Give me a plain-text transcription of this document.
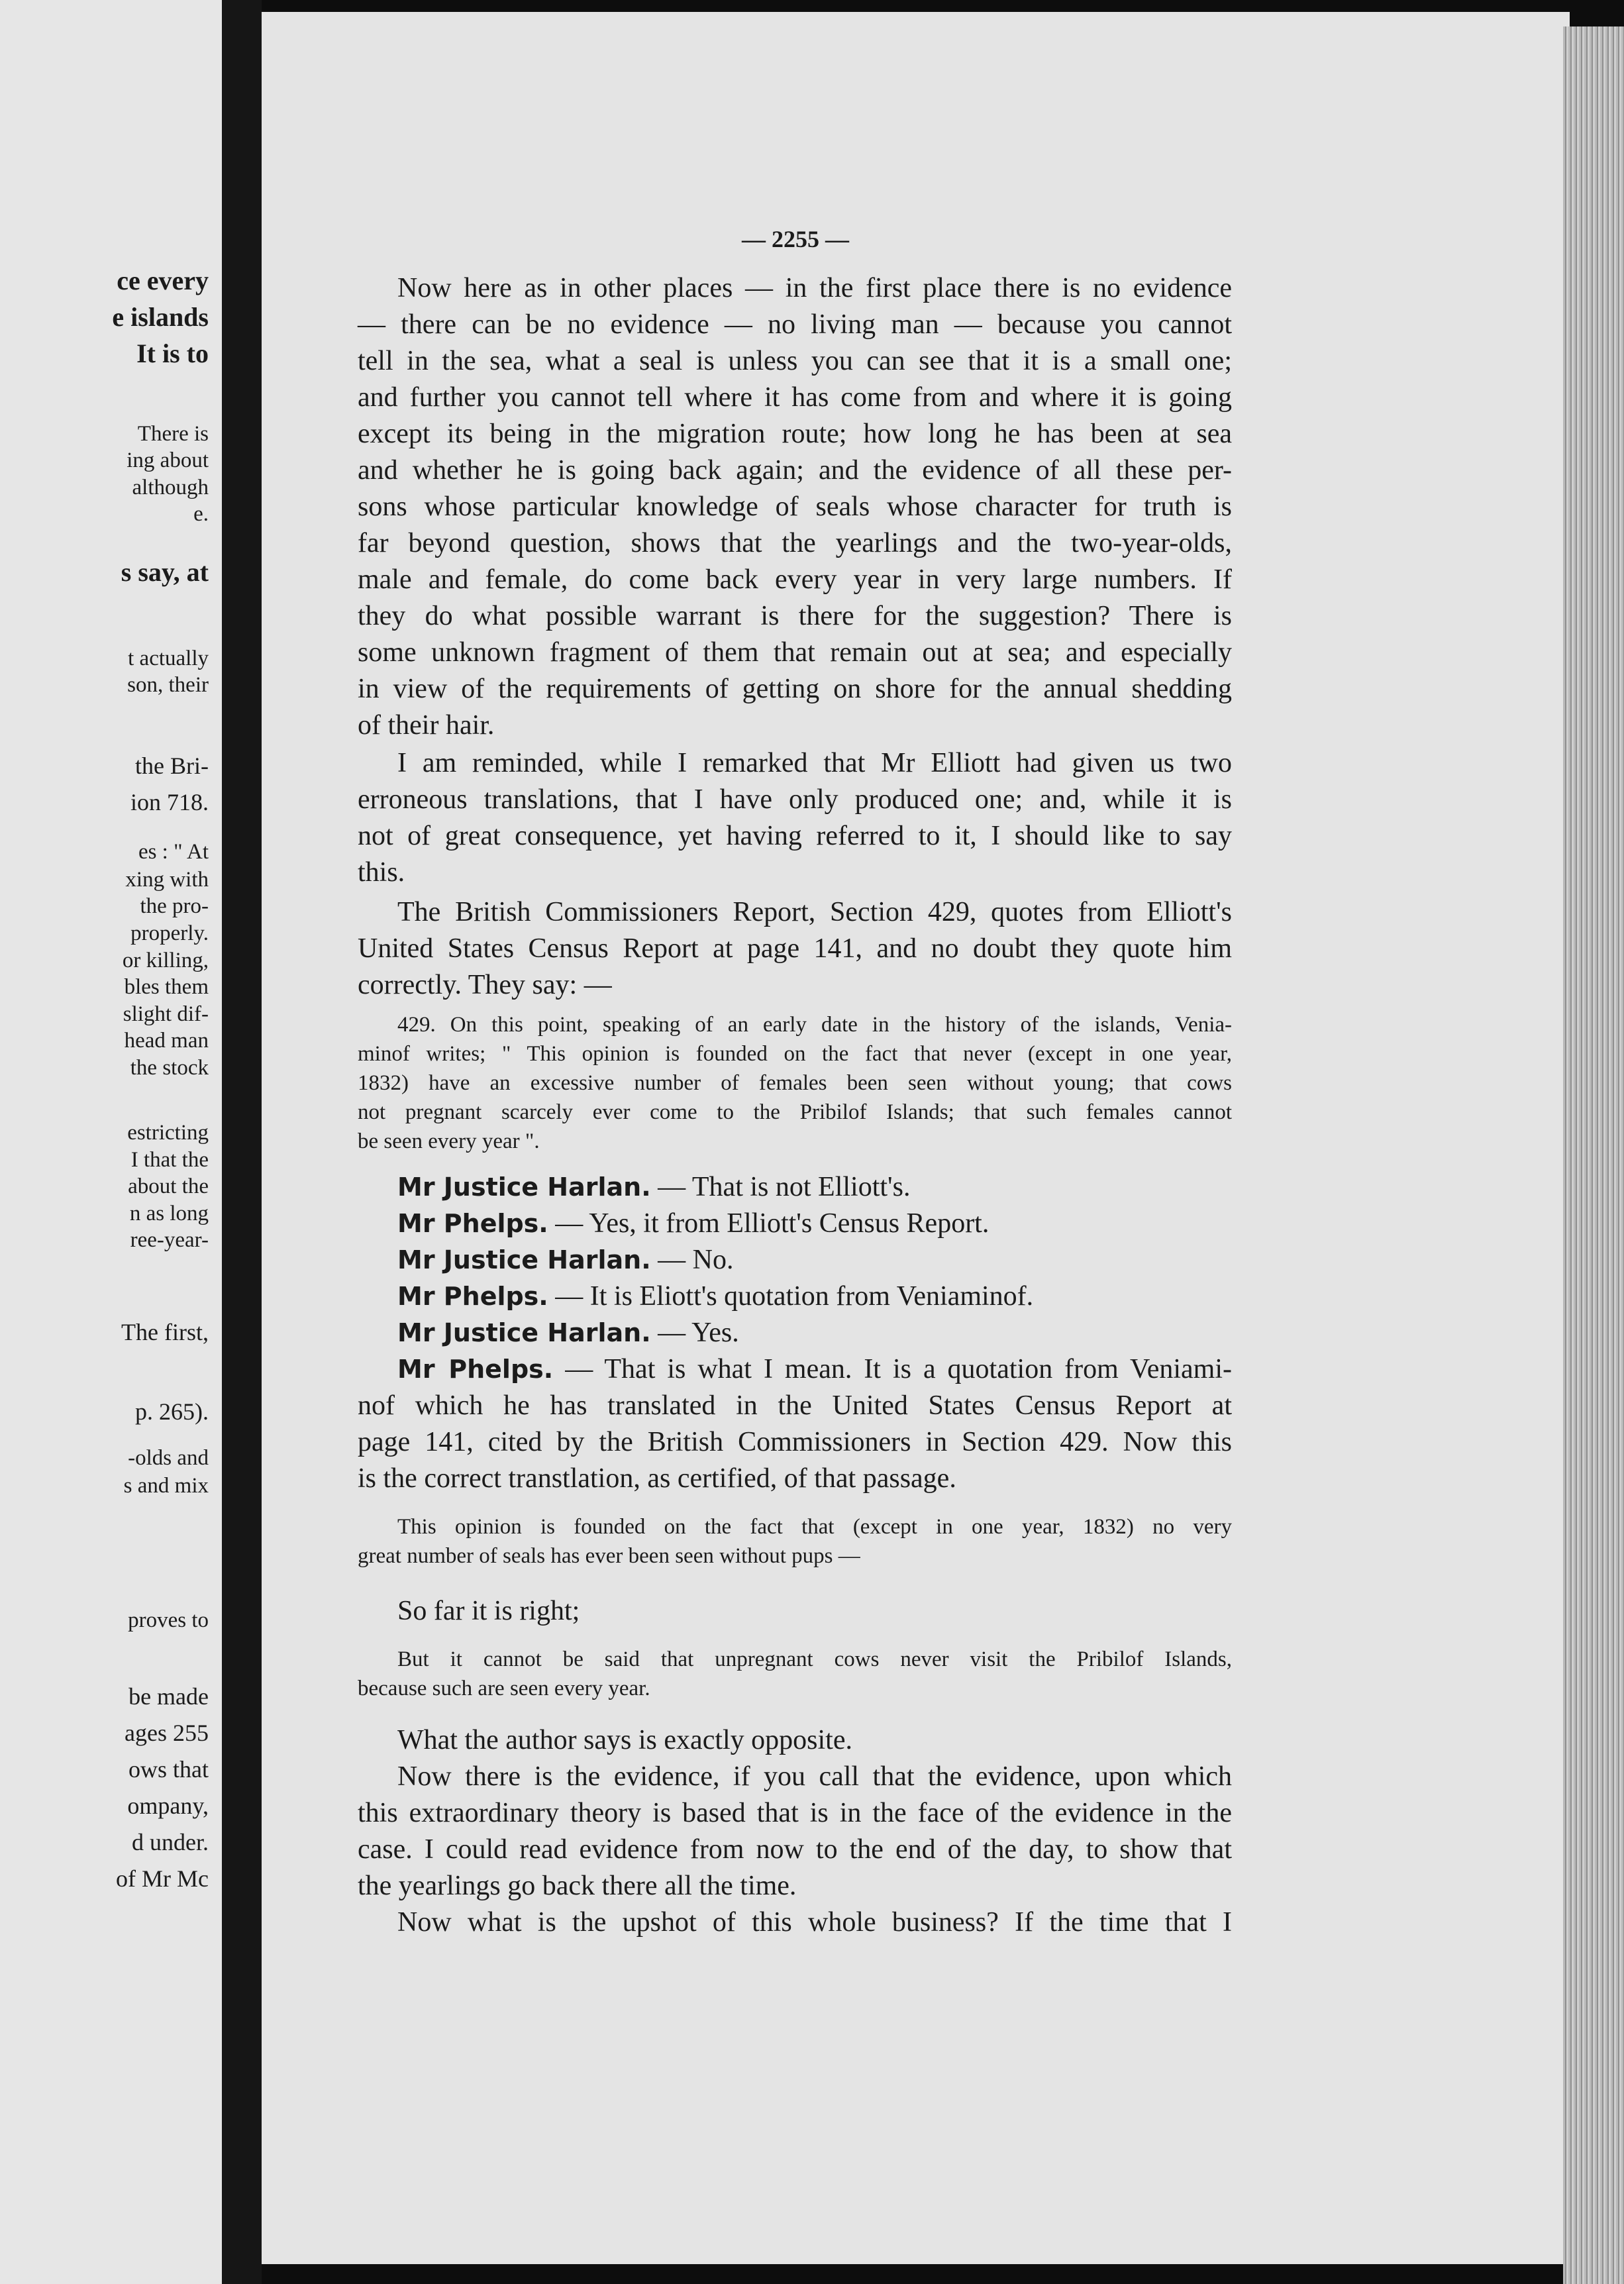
ce every
e islands
It is to
There is
ing about
although
e.
s say, at
t actually
son, their
the Bri-
ion 718.
es : " At
xing with
the pro-
properly.
or killing,
bles them
slight dif-
head man
the stock
estricting
I that the
about the
n as long
ree-year-
The first,
p. 265).
-olds and
s and mix
proves to
be made
ages 255
ows that
ompany,
d under.
of Mr Mc
— 2255 —

Now here as in other places — in the first place there is no evidence

— there can be no evidence — no living man — because you cannot

tell in the sea, what a seal is unless you can see that it is a small one;

and further you cannot tell where it has come from and where it is going

except its being in the migration route; how long he has been at sea

and whether he is going back again; and the evidence of all these per-

sons whose particular knowledge of seals whose character for truth is

far beyond question, shows that the yearlings and the two-year-olds,

male and female, do come back every year in very large numbers. If

they do what possible warrant is there for the suggestion? There is

some unknown fragment of them that remain out at sea; and especially

in view of the requirements of getting on shore for the annual shedding

of their hair.

I am reminded, while I remarked that Mr Elliott had given us two

erroneous translations, that I have only produced one; and, while it is

not of great consequence, yet having referred to it, I should like to say

this.

The British Commissioners Report, Section 429, quotes from Elliott's

United States Census Report at page 141, and no doubt they quote him

correctly. They say: —

429. On this point, speaking of an early date in the history of the islands, Venia-

minof writes; " This opinion is founded on the fact that never (except in one year,

1832) have an excessive number of females been seen without young; that cows

not pregnant scarcely ever come to the Pribilof Islands; that such females cannot

be seen every year ".

Mr Justice Harlan. — That is not Elliott's.

Mr Phelps. — Yes, it from Elliott's Census Report.

Mr Justice Harlan. — No.

Mr Phelps. — It is Eliott's quotation from Veniaminof.

Mr Justice Harlan. — Yes.

Mr Phelps. — That is what I mean. It is a quotation from Veniami-

nof which he has translated in the United States Census Report at

page 141, cited by the British Commissioners in Section 429. Now this

is the correct transtlation, as certified, of that passage.

This opinion is founded on the fact that (except in one year, 1832) no very

great number of seals has ever been seen without pups —

So far it is right;

But it cannot be said that unpregnant cows never visit the Pribilof Islands,

because such are seen every year.

What the author says is exactly opposite.

Now there is the evidence, if you call that the evidence, upon which

this extraordinary theory is based that is in the face of the evidence in the

case. I could read evidence from now to the end of the day, to show that

the yearlings go back there all the time.

Now what is the upshot of this whole business? If the time that I
